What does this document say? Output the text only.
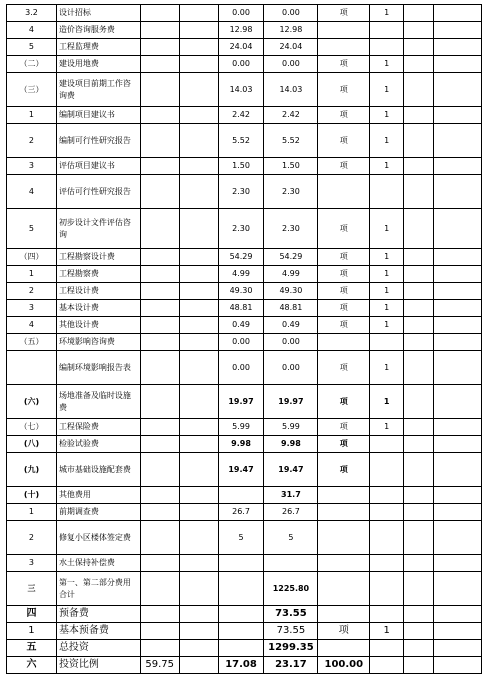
3.2	设计招标			0.00	0.00	项	1		
4	造价咨询服务费			12.98	12.98				
5	工程监理费			24.04	24.04				
（二）	建设用地费			0.00	0.00	项	1		
（三）	建设项目前期工作咨询费			14.03	14.03	项	1		
1	编制项目建议书			2.42	2.42	项	1		
2	编制可行性研究报告			5.52	5.52	项	1		
3	评估项目建议书			1.50	1.50	项	1		
4	评估可行性研究报告			2.30	2.30				
5	初步设计文件评估咨询			2.30	2.30	项	1		
（四）	工程勘察设计费			54.29	54.29	项	1		
1	工程勘察费			4.99	4.99	项	1		
2	工程设计费			49.30	49.30	项	1		
3	基本设计费			48.81	48.81	项	1		
4	其他设计费			0.49	0.49	项	1		
（五）	环境影响咨询费			0.00	0.00				
	编制环境影响报告表			0.00	0.00	项	1		
(六)	场地准备及临时设施费			19.97	19.97	项	1		
（七）	工程保险费			5.99	5.99	项	1		
(八)	检验试验费			9.98	9.98	项			
(九)	城市基础设施配套费			19.47	19.47	项			
(十)	其他费用				31.7				
1	前期调查费			26.7	26.7				
2	修复小区楼体签定费			5	5				
3	水土保持补偿费								
三	第一、第二部分费用合计				1225.80				
四	预备费				73.55				
1	基本预备费				73.55	项	1		
五	总投资				1299.35				
六	投资比例	59.75		17.08	23.17	100.00			
